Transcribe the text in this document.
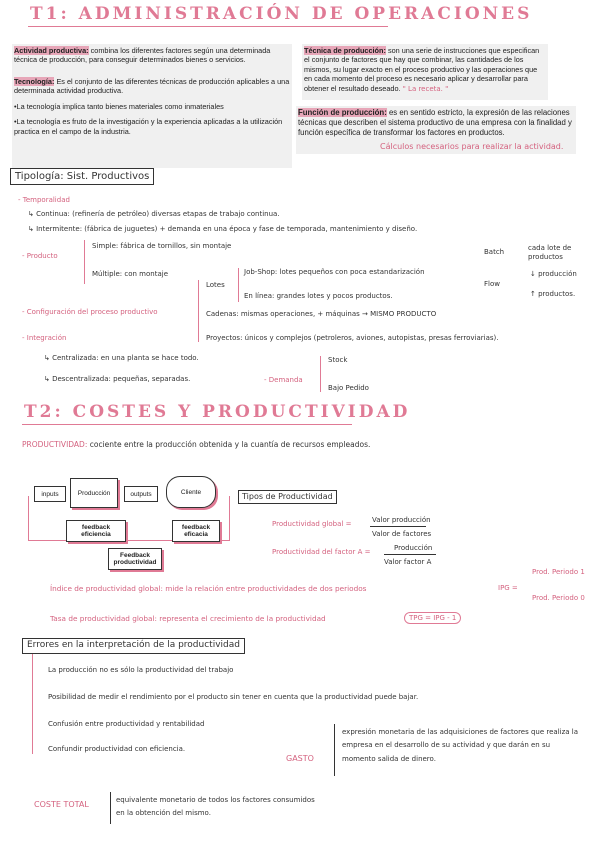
T1: ADMINISTRACIÓN DE OPERACIONES
Actividad productiva: combina los diferentes factores según una determinada técnica de producción, para conseguir determinados bienes o servicios.
Tecnología: Es el conjunto de las diferentes técnicas de producción aplicables a una determinada actividad productiva.
•La tecnología implica tanto bienes materiales como inmateriales
•La tecnología es fruto de la investigación y la experiencia aplicadas a la utilización practica en el campo de la industria.
Técnica de producción: son una serie de instrucciones que especifican el conjunto de factores que hay que combinar, las cantidades de los mismos, su lugar exacto en el proceso productivo y las operaciones que en cada momento del proceso es necesario aplicar y desarrollar para obtener el resultado deseado. " La receta. "
Función de producción: es en sentido estricto, la expresión de las relaciones técnicas que describen el sistema productivo de una empresa con la finalidad y función específica de transformar los factores en productos.
Cálculos necesarios para realizar la actividad.
Tipología: Sist. Productivos
- Temporalidad
↳ Continua: (refinería de petróleo) diversas etapas de trabajo continua.
↳ Intermitente: (fábrica de juguetes) + demanda en una época y fase de temporada, mantenimiento y diseño.
- Producto
Simple: fábrica de tornillos, sin montaje
Múltiple: con montaje
Lotes
Job-Shop: lotes pequeños con poca estandarización
En línea: grandes lotes y pocos productos.
Batch	cada lote de productos
Flow
↓ producción
↑ productos.
- Configuración del proceso productivo	Cadenas: mismas operaciones, + máquinas → MISMO PRODUCTO
Proyectos: únicos y complejos (petroleros, aviones, autopistas, presas ferroviarias).
- Integración
↳ Centralizada: en una planta se hace todo.
↳ Descentralizada: pequeñas, separadas.	- Demanda
Stock
Bajo Pedido
T2: COSTES Y PRODUCTIVIDAD
PRODUCTIVIDAD: cociente entre la producción obtenida y la cuantía de recursos empleados.
inputs	Producción	outputs	Cliente
feedback eficiencia
feedback eficacia
Feedback productividad
Tipos de Productividad
Productividad global =	Valor producción
Valor de factores
Productividad del factor A =	Producción
Valor factor A
Índice de productividad global: mide la relación entre productividades de dos periodos	IPG =
Prod. Periodo 1
Prod. Periodo 0
Tasa de productividad global: representa el crecimiento de la productividad	TPG = IPG - 1
Errores en la interpretación de la productividad
La producción no es sólo la productividad del trabajo
Posibilidad de medir el rendimiento por el producto sin tener en cuenta que la productividad puede bajar.
Confusión entre productividad y rentabilidad
Confundir productividad con eficiencia.
GASTO
expresión monetaria de las adquisiciones de factores que realiza la empresa en el desarrollo de su actividad y que darán en su momento salida de dinero.
COSTE TOTAL	equivalente monetario de todos los factores consumidos en la obtención del mismo.
